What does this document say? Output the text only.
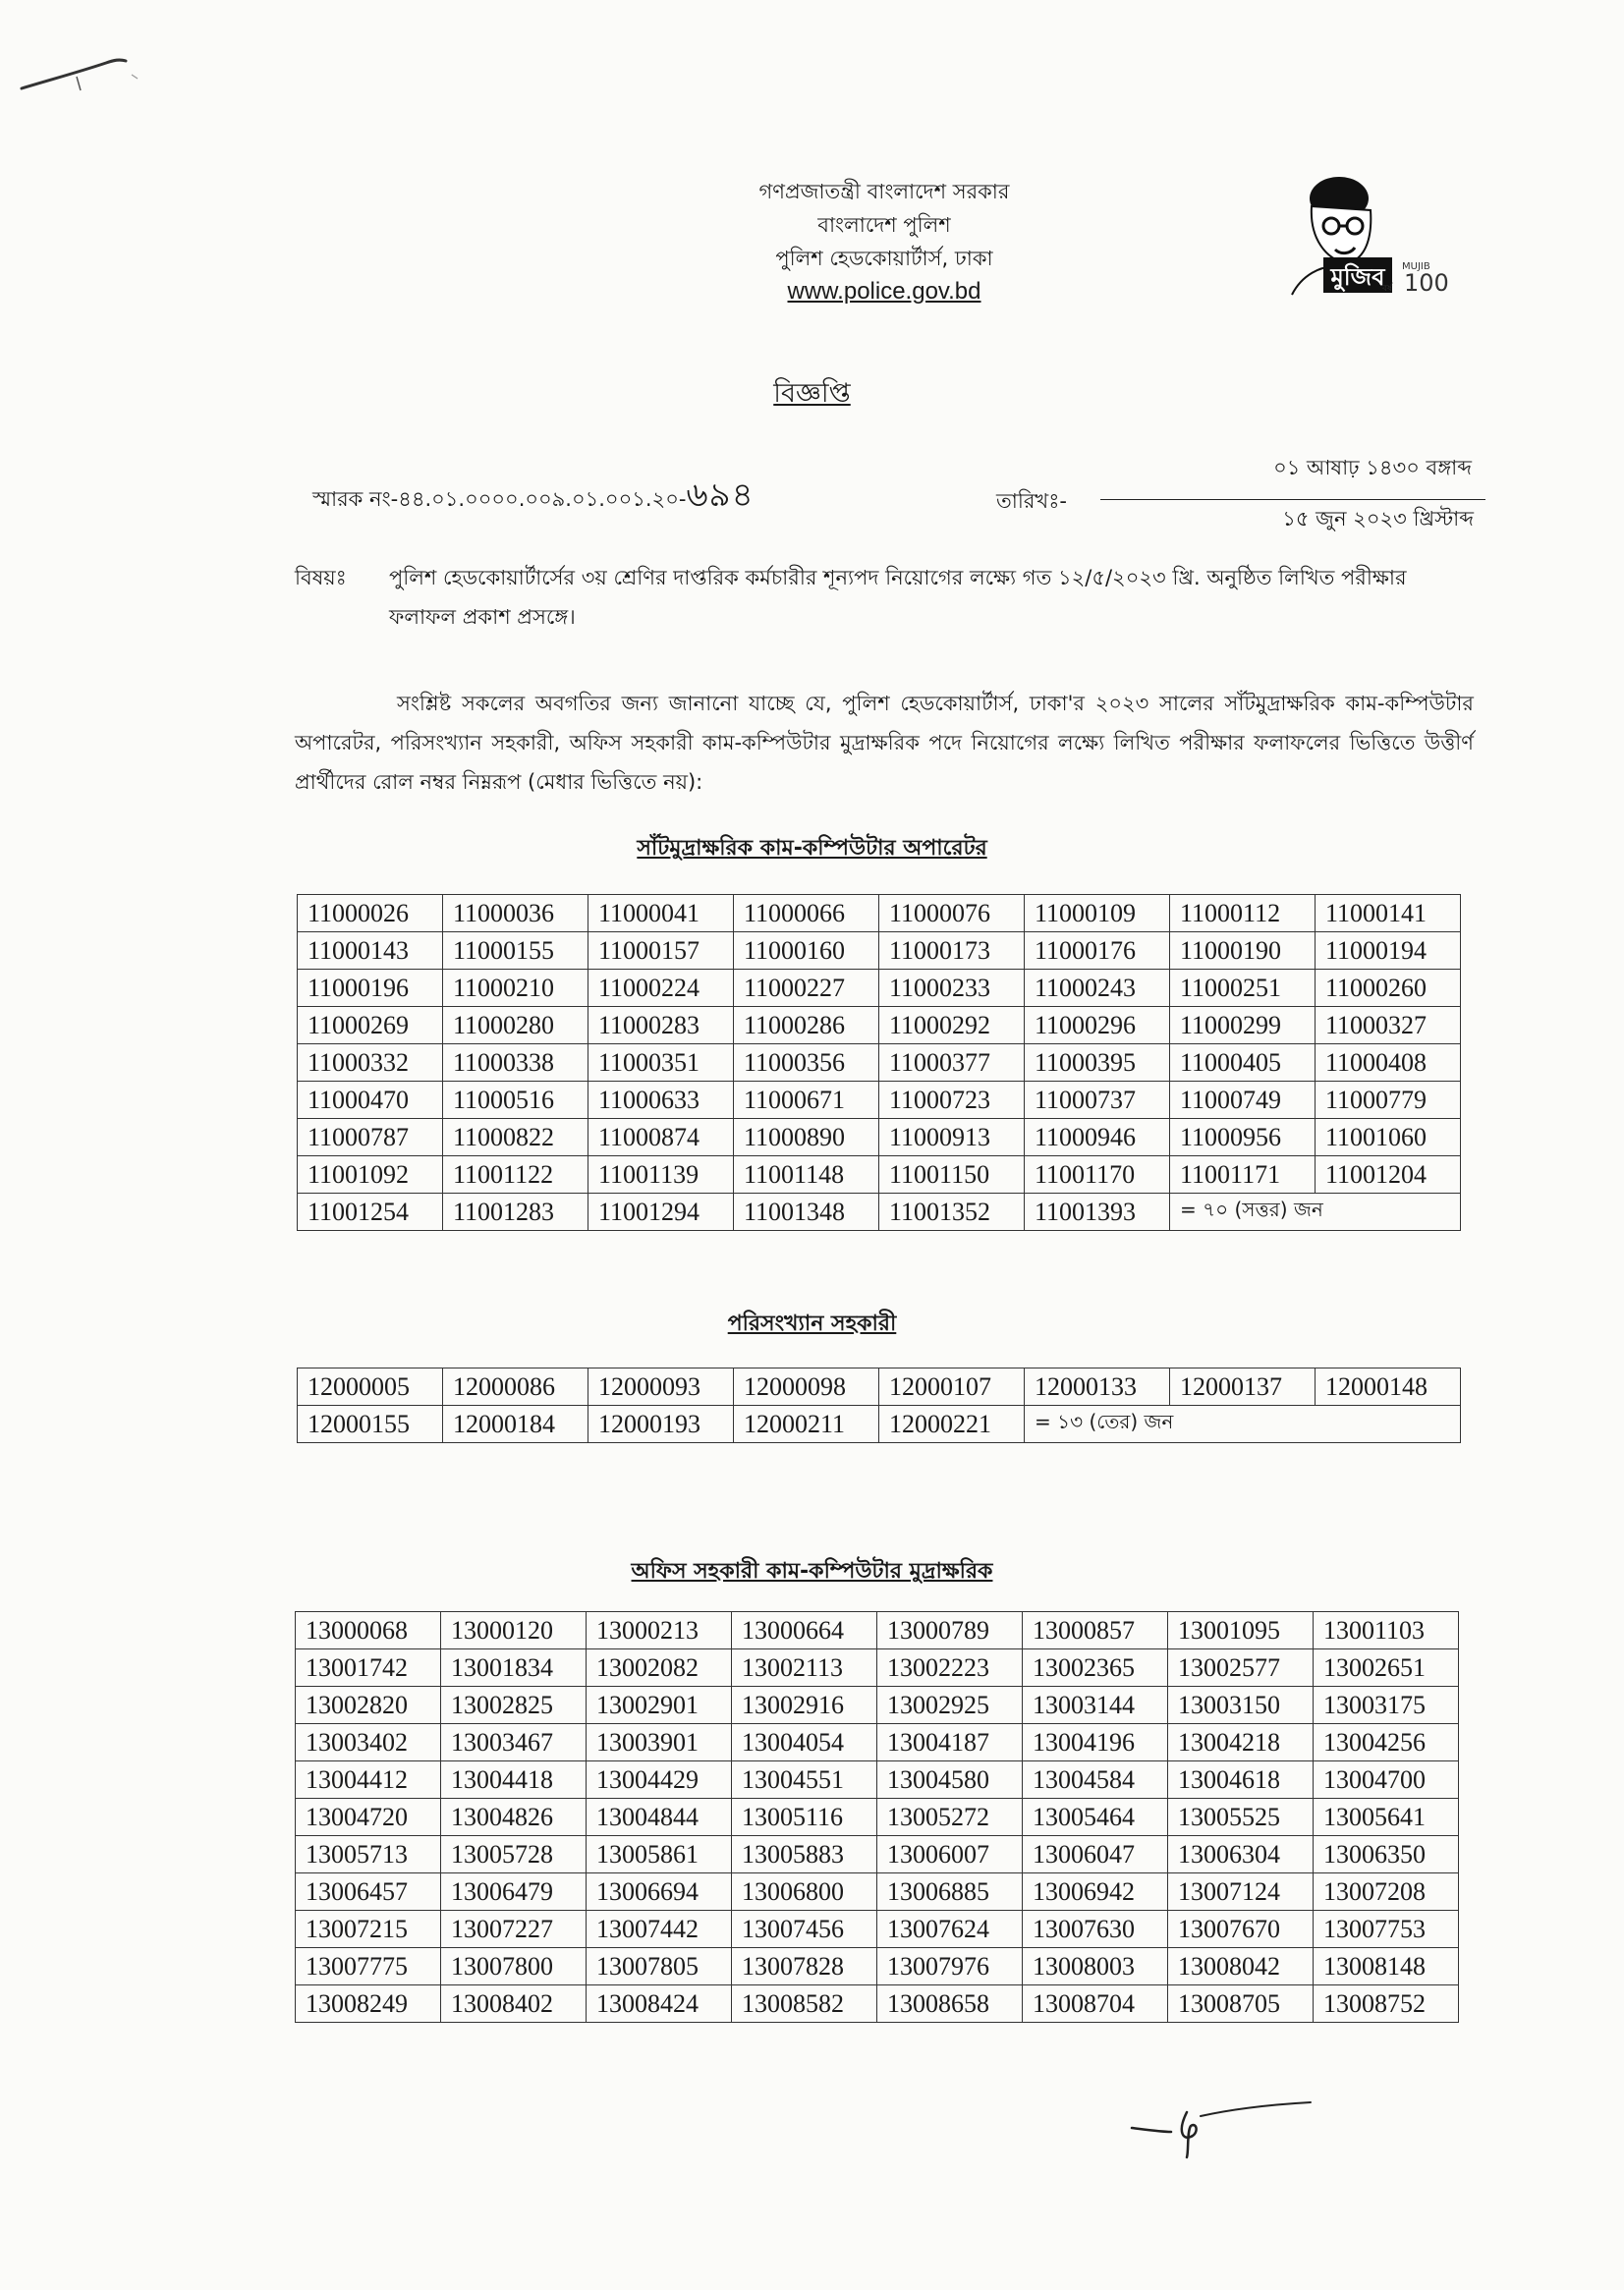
গণপ্রজাতন্ত্রী বাংলাদেশ সরকার
বাংলাদেশ পুলিশ
পুলিশ হেডকোয়ার্টার্স, ঢাকা
www.police.gov.bd
মুজিব MUJIB
100
বর্ষ
বিজ্ঞপ্তি
স্মারক নং-৪৪.০১.০০০০.০০৯.০১.০০১.২০-৬৯৪
০১ আষাঢ় ১৪৩০ বঙ্গাব্দ
তারিখঃ-
১৫ জুন ২০২৩ খ্রিস্টাব্দ
বিষয়ঃ পুলিশ হেডকোয়ার্টার্সের ৩য় শ্রেণির দাপ্তরিক কর্মচারীর শূন্যপদ নিয়োগের লক্ষ্যে গত ১২/৫/২০২৩ খ্রি. অনুষ্ঠিত লিখিত পরীক্ষার ফলাফল প্রকাশ প্রসঙ্গে।
সংশ্লিষ্ট সকলের অবগতির জন্য জানানো যাচ্ছে যে, পুলিশ হেডকোয়ার্টার্স, ঢাকা'র ২০২৩ সালের সাঁটমুদ্রাক্ষরিক কাম-কম্পিউটার অপারেটর, পরিসংখ্যান সহকারী, অফিস সহকারী কাম-কম্পিউটার মুদ্রাক্ষরিক পদে নিয়োগের লক্ষ্যে লিখিত পরীক্ষার ফলাফলের ভিত্তিতে উত্তীর্ণ প্রার্থীদের রোল নম্বর নিম্নরূপ (মেধার ভিত্তিতে নয়):
সাঁটমুদ্রাক্ষরিক কাম-কম্পিউটার অপারেটর
11000026	11000036	11000041	11000066	11000076	11000109	11000112	11000141
11000143	11000155	11000157	11000160	11000173	11000176	11000190	11000194
11000196	11000210	11000224	11000227	11000233	11000243	11000251	11000260
11000269	11000280	11000283	11000286	11000292	11000296	11000299	11000327
11000332	11000338	11000351	11000356	11000377	11000395	11000405	11000408
11000470	11000516	11000633	11000671	11000723	11000737	11000749	11000779
11000787	11000822	11000874	11000890	11000913	11000946	11000956	11001060
11001092	11001122	11001139	11001148	11001150	11001170	11001171	11001204
11001254	11001283	11001294	11001348	11001352	11001393	= ৭০ (সত্তর) জন	
পরিসংখ্যান সহকারী
12000005	12000086	12000093	12000098	12000107	12000133	12000137	12000148
12000155	12000184	12000193	12000211	12000221	= ১৩ (তের) জন		
অফিস সহকারী কাম-কম্পিউটার মুদ্রাক্ষরিক
13000068	13000120	13000213	13000664	13000789	13000857	13001095	13001103
13001742	13001834	13002082	13002113	13002223	13002365	13002577	13002651
13002820	13002825	13002901	13002916	13002925	13003144	13003150	13003175
13003402	13003467	13003901	13004054	13004187	13004196	13004218	13004256
13004412	13004418	13004429	13004551	13004580	13004584	13004618	13004700
13004720	13004826	13004844	13005116	13005272	13005464	13005525	13005641
13005713	13005728	13005861	13005883	13006007	13006047	13006304	13006350
13006457	13006479	13006694	13006800	13006885	13006942	13007124	13007208
13007215	13007227	13007442	13007456	13007624	13007630	13007670	13007753
13007775	13007800	13007805	13007828	13007976	13008003	13008042	13008148
13008249	13008402	13008424	13008582	13008658	13008704	13008705	13008752
